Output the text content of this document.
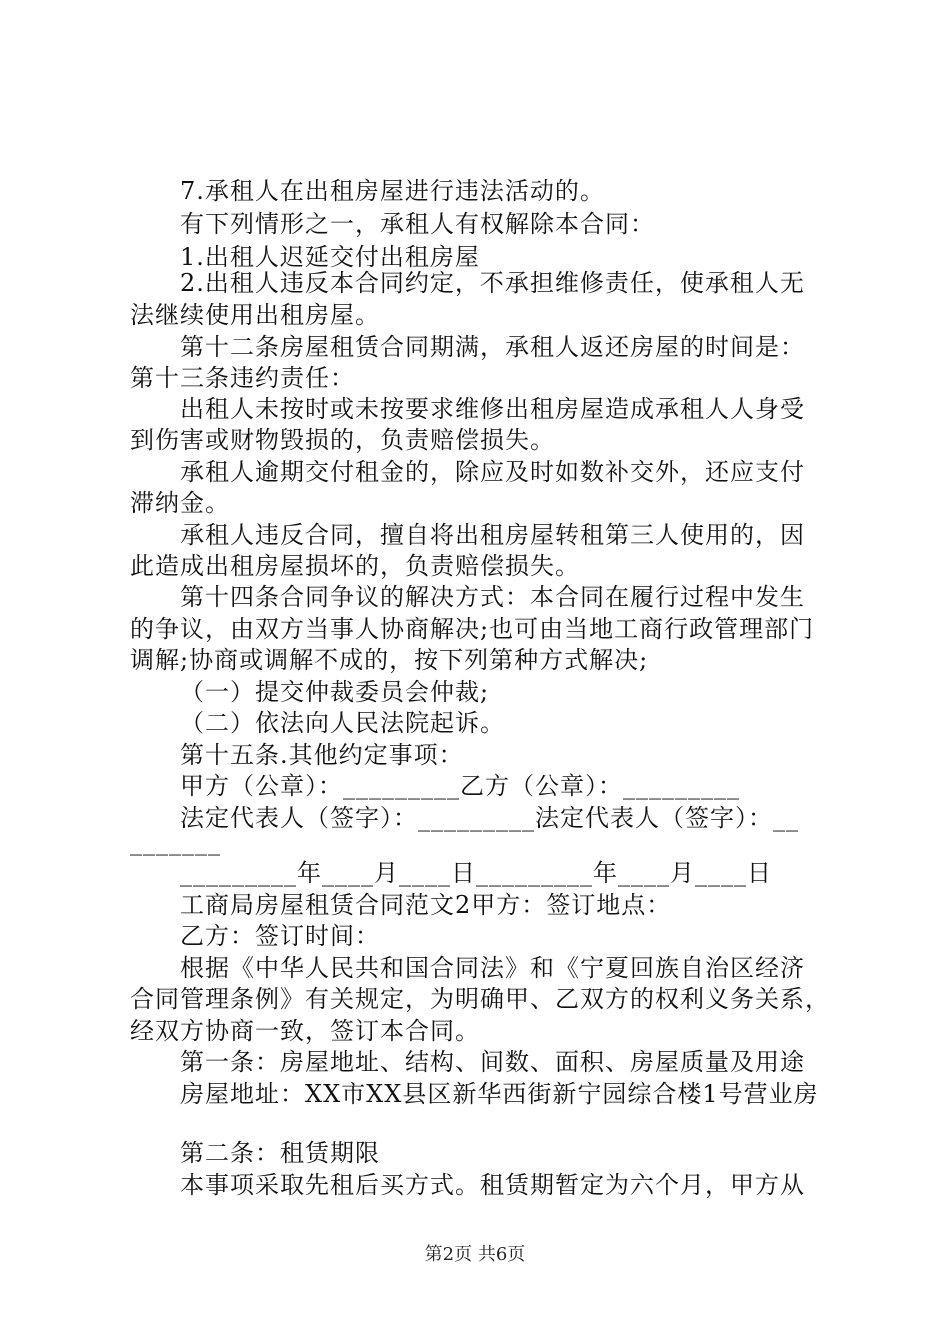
7.承租人在出租房屋进行违法活动的。
有下列情形之一，承租人有权解除本合同：
1.出租人迟延交付出租房屋
2.出租人违反本合同约定，不承担维修责任，使承租人无
法继续使用出租房屋。
第十二条房屋租赁合同期满，承租人返还房屋的时间是：
第十三条违约责任：
出租人未按时或未按要求维修出租房屋造成承租人人身受
到伤害或财物毁损的，负责赔偿损失。
承租人逾期交付租金的，除应及时如数补交外，还应支付
滞纳金。
承租人违反合同，擅自将出租房屋转租第三人使用的，因
此造成出租房屋损坏的，负责赔偿损失。
第十四条合同争议的解决方式：本合同在履行过程中发生
的争议，由双方当事人协商解决;也可由当地工商行政管理部门
调解;协商或调解不成的，按下列第种方式解决;
（一）提交仲裁委员会仲裁;
（二）依法向人民法院起诉。
第十五条.其他约定事项：
甲方（公章）：_________乙方（公章）：_________
法定代表人（签字）：_________法定代表人（签字）：__
_______
_________年____月____日_________年____月____日
工商局房屋租赁合同范文2甲方：签订地点：
乙方：签订时间：
根据《中华人民共和国合同法》和《宁夏回族自治区经济
合同管理条例》有关规定，为明确甲、乙双方的权利义务关系，
经双方协商一致，签订本合同。
第一条：房屋地址、结构、间数、面积、房屋质量及用途
房屋地址：XX市XX县区新华西街新宁园综合楼1号营业房
第二条：租赁期限
本事项采取先租后买方式。租赁期暂定为六个月，甲方从
第2页 共6页
